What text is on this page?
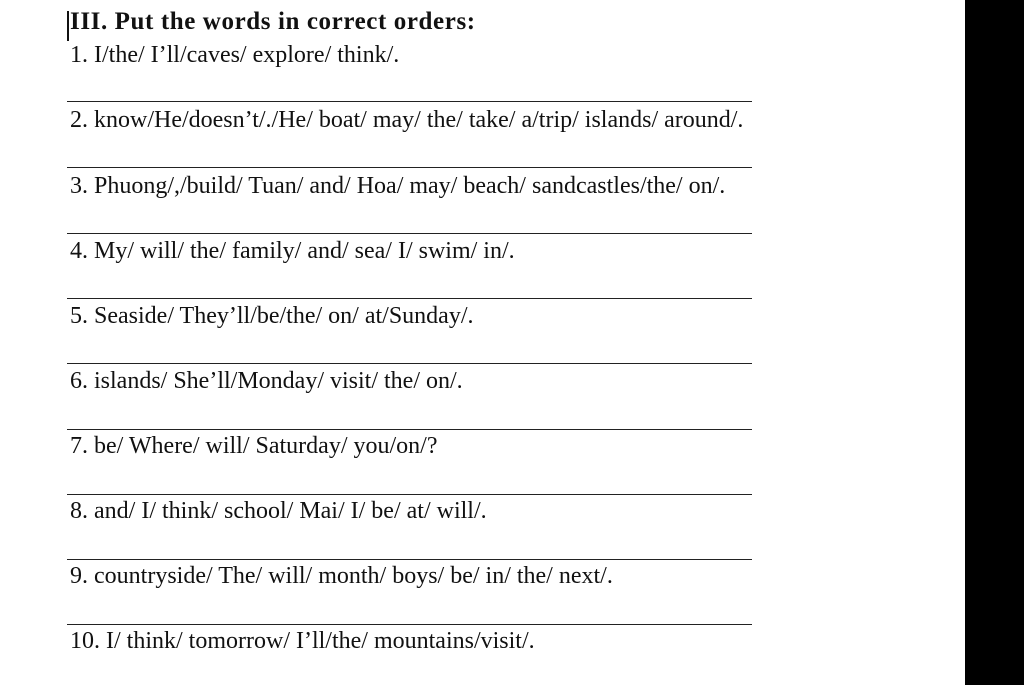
III. Put the words in correct orders:
1. I/the/ I’ll/caves/ explore/ think/.
2. know/He/doesn’t/./He/ boat/ may/ the/ take/ a/trip/ islands/ around/.
3. Phuong/,/build/ Tuan/ and/ Hoa/ may/ beach/ sandcastles/the/ on/.
4. My/ will/ the/ family/ and/ sea/ I/ swim/ in/.
5. Seaside/ They’ll/be/the/ on/ at/Sunday/.
6. islands/ She’ll/Monday/ visit/ the/ on/.
7. be/ Where/ will/ Saturday/ you/on/?
8. and/ I/ think/ school/ Mai/ I/ be/ at/ will/.
9. countryside/ The/ will/ month/ boys/ be/ in/ the/ next/.
10. I/ think/ tomorrow/ I’ll/the/ mountains/visit/.
